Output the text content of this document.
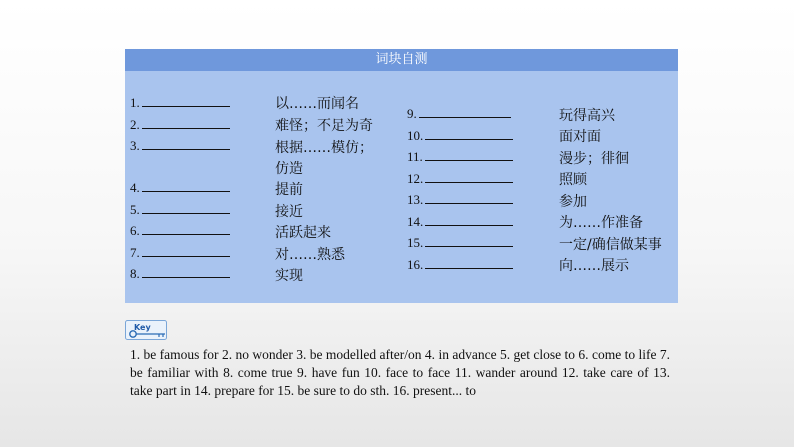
词块自测
1.
2.
3.
4.
5.
6.
7.
8.
以……而闻名
难怪；不足为奇
根据……模仿；
仿造
提前
接近
活跃起来
对……熟悉
实现
9.
10.
11.
12.
13.
14.
15.
16.
玩得高兴
面对面
漫步；徘徊
照顾
参加
为……作准备
一定/确信做某事
向……展示
Key
1. be famous for 2. no wonder 3. be modelled after/on 4. in advance 5. get close to 6. come to life 7. be familiar with 8. come true 9. have fun 10. face to face 11. wander around 12. take care of 13. take part in 14. prepare for 15. be sure to do sth. 16. present... to
